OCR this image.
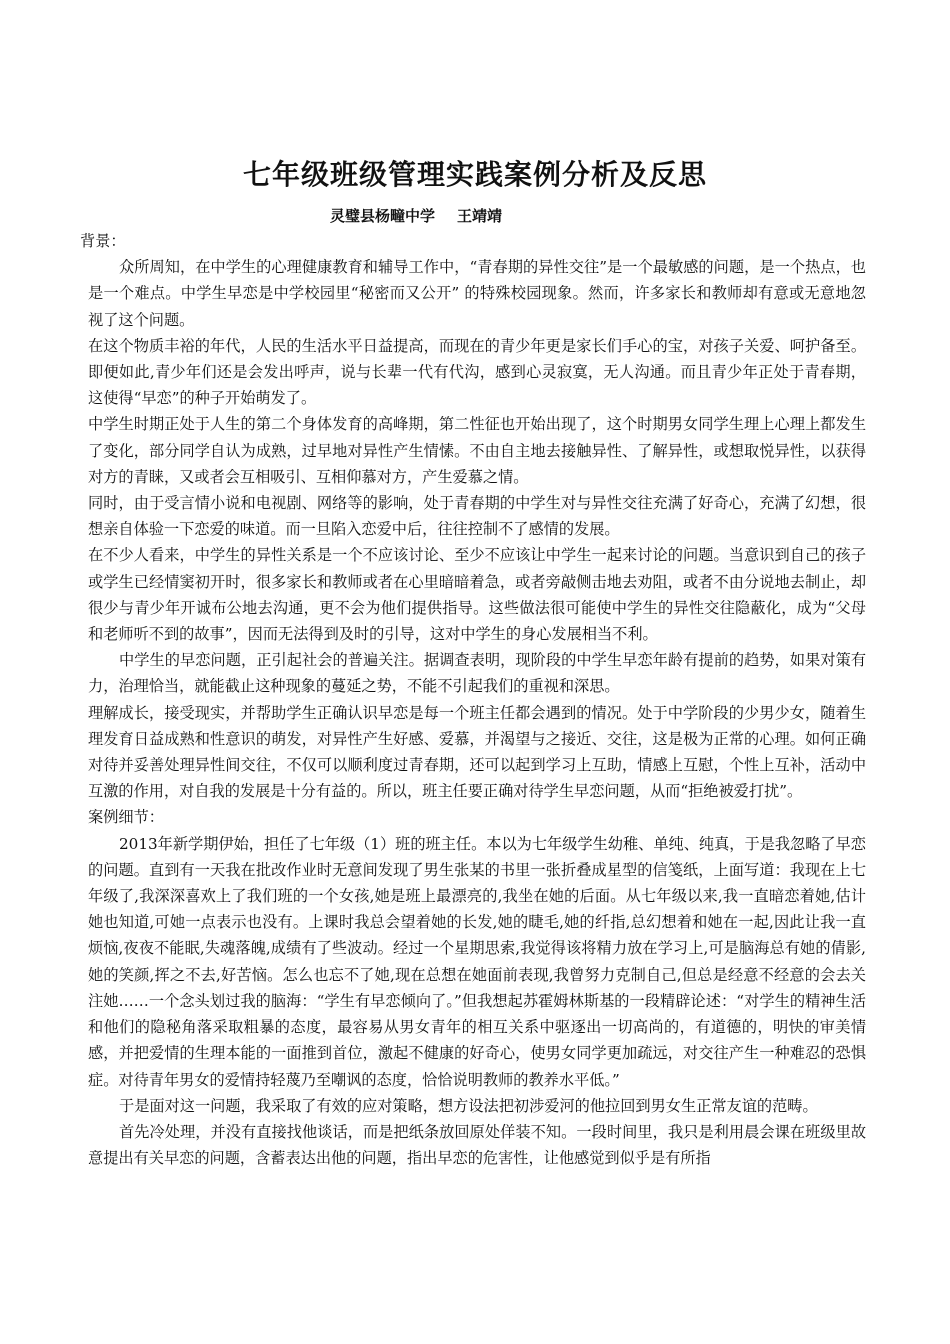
七年级班级管理实践案例分析及反思
灵璧县杨疃中学 王靖靖

背景：

众所周知，在中学生的心理健康教育和辅导工作中，“青春期的异性交往”是一个最敏感的问题，是一个热点，也是一个难点。中学生早恋是中学校园里“秘密而又公开” 的特殊校园现象。然而，许多家长和教师却有意或无意地忽视了这个问题。

在这个物质丰裕的年代，人民的生活水平日益提高，而现在的青少年更是家长们手心的宝，对孩子关爱、呵护备至。即便如此,青少年们还是会发出呼声，说与长辈一代有代沟，感到心灵寂寞，无人沟通。而且青少年正处于青春期，这使得“早恋”的种子开始萌发了。

中学生时期正处于人生的第二个身体发育的高峰期，第二性征也开始出现了，这个时期男女同学生理上心理上都发生了变化，部分同学自认为成熟，过早地对异性产生情愫。不由自主地去接触异性、了解异性，或想取悦异性，以获得对方的青睐，又或者会互相吸引、互相仰慕对方，产生爱慕之情。

同时，由于受言情小说和电视剧、网络等的影响，处于青春期的中学生对与异性交往充满了好奇心，充满了幻想，很想亲自体验一下恋爱的味道。而一旦陷入恋爱中后，往往控制不了感情的发展。

在不少人看来，中学生的异性关系是一个不应该讨论、至少不应该让中学生一起来讨论的问题。当意识到自己的孩子或学生已经情窦初开时，很多家长和教师或者在心里暗暗着急，或者旁敲侧击地去劝阻，或者不由分说地去制止，却很少与青少年开诚布公地去沟通，更不会为他们提供指导。这些做法很可能使中学生的异性交往隐蔽化，成为“父母和老师听不到的故事”，因而无法得到及时的引导，这对中学生的身心发展相当不利。

中学生的早恋问题，正引起社会的普遍关注。据调查表明，现阶段的中学生早恋年龄有提前的趋势，如果对策有力，治理恰当，就能截止这种现象的蔓延之势，不能不引起我们的重视和深思。

理解成长，接受现实，并帮助学生正确认识早恋是每一个班主任都会遇到的情况。处于中学阶段的少男少女，随着生理发育日益成熟和性意识的萌发，对异性产生好感、爱慕，并渴望与之接近、交往，这是极为正常的心理。如何正确对待并妥善处理异性间交往，不仅可以顺利度过青春期，还可以起到学习上互助，情感上互慰，个性上互补，活动中互激的作用，对自我的发展是十分有益的。所以，班主任要正确对待学生早恋问题，从而“拒绝被爱打扰”。

案例细节：

2013年新学期伊始，担任了七年级（1）班的班主任。本以为七年级学生幼稚、单纯、纯真，于是我忽略了早恋的问题。直到有一天我在批改作业时无意间发现了男生张某的书里一张折叠成星型的信笺纸，上面写道：我现在上七年级了,我深深喜欢上了我们班的一个女孩,她是班上最漂亮的,我坐在她的后面。从七年级以来,我一直暗恋着她,估计她也知道,可她一点表示也没有。上课时我总会望着她的长发,她的睫毛,她的纤指,总幻想着和她在一起,因此让我一直烦恼,夜夜不能眠,失魂落魄,成绩有了些波动。经过一个星期思索,我觉得该将精力放在学习上,可是脑海总有她的倩影,她的笑颜,挥之不去,好苦恼。怎么也忘不了她,现在总想在她面前表现,我曾努力克制自己,但总是经意不经意的会去关注她……一个念头划过我的脑海：“学生有早恋倾向了。”但我想起苏霍姆林斯基的一段精辟论述：“对学生的精神生活和他们的隐秘角落采取粗暴的态度，最容易从男女青年的相互关系中驱逐出一切高尚的，有道德的，明快的审美情感，并把爱情的生理本能的一面推到首位，激起不健康的好奇心，使男女同学更加疏远，对交往产生一种难忍的恐惧症。对待青年男女的爱情持轻蔑乃至嘲讽的态度，恰恰说明教师的教养水平低。”

于是面对这一问题，我采取了有效的应对策略，想方设法把初涉爱河的他拉回到男女生正常友谊的范畴。

首先冷处理，并没有直接找他谈话，而是把纸条放回原处佯装不知。一段时间里，我只是利用晨会课在班级里故意提出有关早恋的问题，含蓄表达出他的问题，指出早恋的危害性，让他感觉到似乎是有所指
